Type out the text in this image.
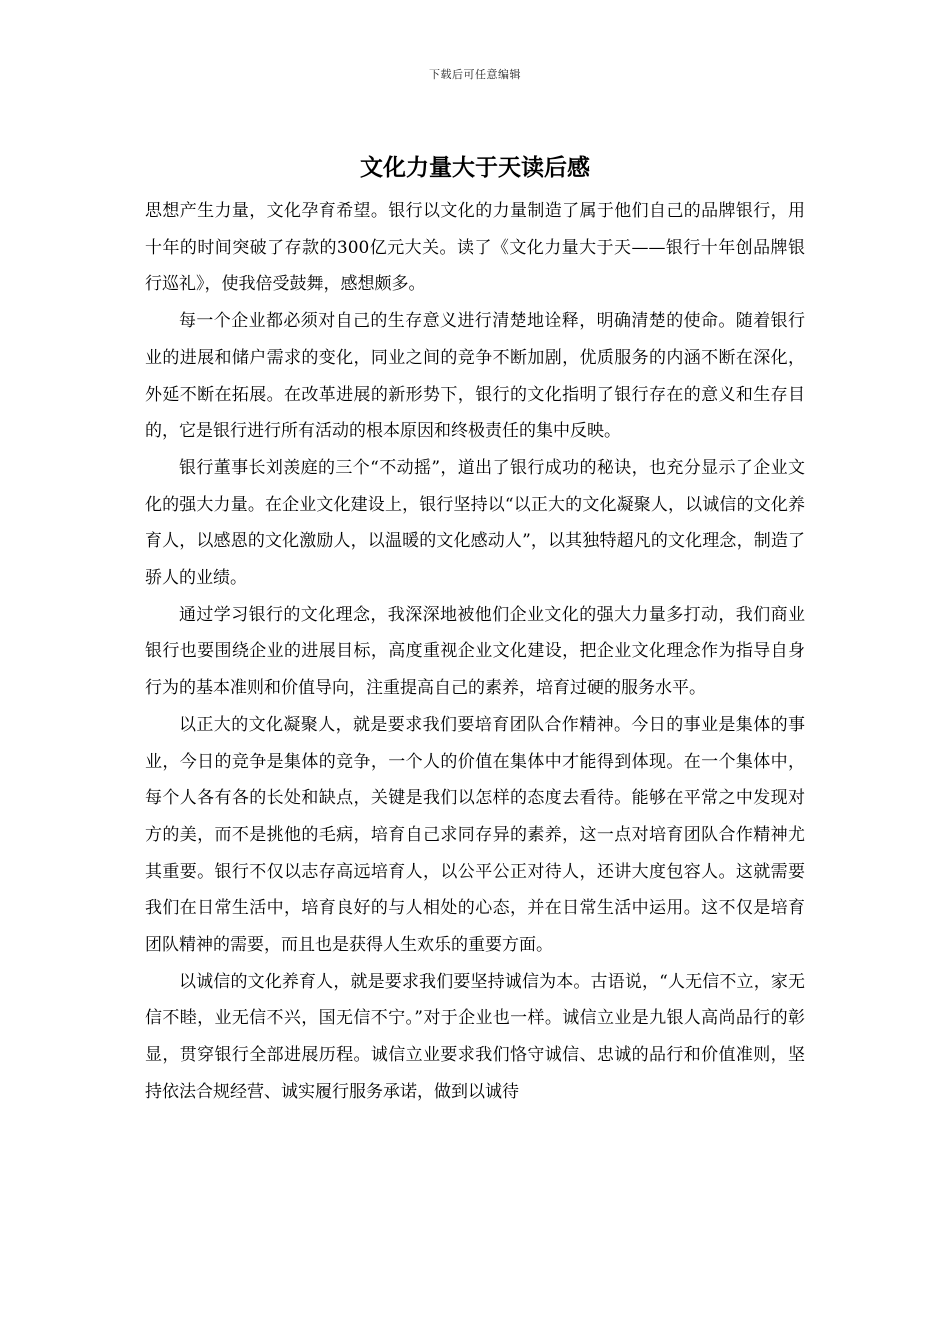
下载后可任意编辑
文化力量大于天读后感

思想产生力量，文化孕育希望。银行以文化的力量制造了属于他们自己的品牌银行，用十年的时间突破了存款的300亿元大关。读了《文化力量大于天——银行十年创品牌银行巡礼》，使我倍受鼓舞，感想颇多。

每一个企业都必须对自己的生存意义进行清楚地诠释，明确清楚的使命。随着银行业的进展和储户需求的变化，同业之间的竞争不断加剧，优质服务的内涵不断在深化，外延不断在拓展。在改革进展的新形势下，银行的文化指明了银行存在的意义和生存目的，它是银行进行所有活动的根本原因和终极责任的集中反映。

银行董事长刘羡庭的三个“不动摇”，道出了银行成功的秘诀，也充分显示了企业文化的强大力量。在企业文化建设上，银行坚持以“以正大的文化凝聚人，以诚信的文化养育人，以感恩的文化激励人，以温暖的文化感动人”，以其独特超凡的文化理念，制造了骄人的业绩。

通过学习银行的文化理念，我深深地被他们企业文化的强大力量多打动，我们商业银行也要围绕企业的进展目标，高度重视企业文化建设，把企业文化理念作为指导自身行为的基本准则和价值导向，注重提高自己的素养，培育过硬的服务水平。

以正大的文化凝聚人，就是要求我们要培育团队合作精神。今日的事业是集体的事业，今日的竞争是集体的竞争，一个人的价值在集体中才能得到体现。在一个集体中，每个人各有各的长处和缺点，关键是我们以怎样的态度去看待。能够在平常之中发现对方的美，而不是挑他的毛病，培育自己求同存异的素养，这一点对培育团队合作精神尤其重要。银行不仅以志存高远培育人，以公平公正对待人，还讲大度包容人。这就需要我们在日常生活中，培育良好的与人相处的心态，并在日常生活中运用。这不仅是培育团队精神的需要，而且也是获得人生欢乐的重要方面。

以诚信的文化养育人，就是要求我们要坚持诚信为本。古语说，“人无信不立，家无信不睦，业无信不兴，国无信不宁。”对于企业也一样。诚信立业是九银人高尚品行的彰显，贯穿银行全部进展历程。诚信立业要求我们恪守诚信、忠诚的品行和价值准则，坚持依法合规经营、诚实履行服务承诺，做到以诚待
